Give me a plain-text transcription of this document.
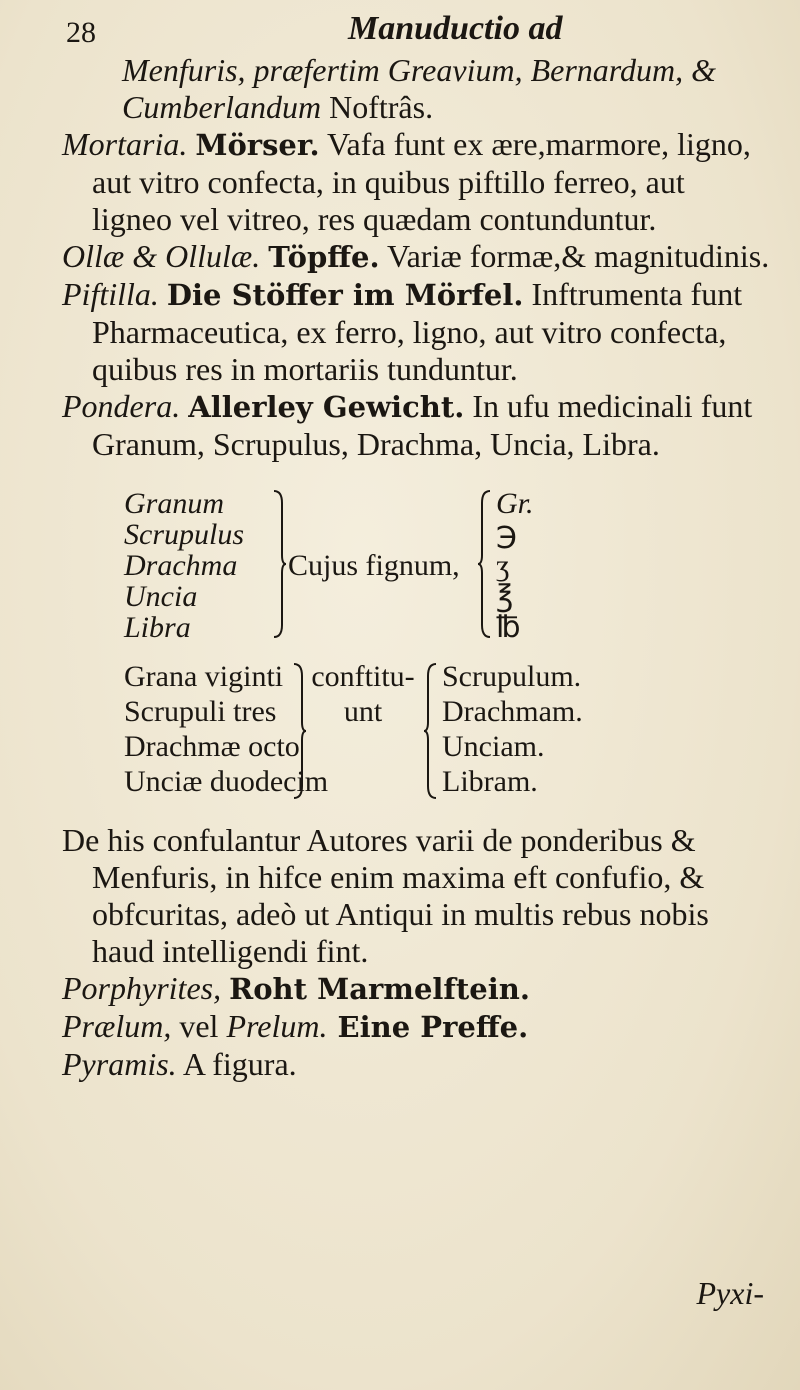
28	Manuductio ad

Menfuris, præfertim Greavium, Bernardum, &
Cumberlandum Noftrâs.

Mortaria. Mörser. Vafa funt ex ære,marmore, ligno, aut vitro confecta, in quibus piftillo ferreo, aut ligneo vel vitreo, res quædam contunduntur.

Ollæ & Ollulæ. Töpffe. Variæ formæ,& magnitudinis.

Piftilla. Die Stöffer im Mörfel. Inftrumenta funt Pharmaceutica, ex ferro, ligno, aut vitro confecta, quibus res in mortariis tunduntur.

Pondera. Allerley Gewicht. In ufu medicinali funt Granum, Scrupulus, Drachma, Uncia, Libra.

Granum
Scrupulus
Drachma
Uncia
Libra
Cujus fignum,
Gr.
℈
ʒ
℥
℔
Grana viginti
Scrupuli tres
Drachmæ octo
Unciæ duodecim
conftitu-
unt
Scrupulum.
Drachmam.
Unciam.
Libram.

De his confulantur Autores varii de ponderibus & Menfuris, in hifce enim maxima eft confufio, & obfcuritas, adeò ut Antiqui in multis rebus nobis haud intelligendi fint.

Porphyrites, Roht Marmelftein.

Prælum, vel Prelum. Eine Preffe.

Pyramis. A figura.

Pyxi-
